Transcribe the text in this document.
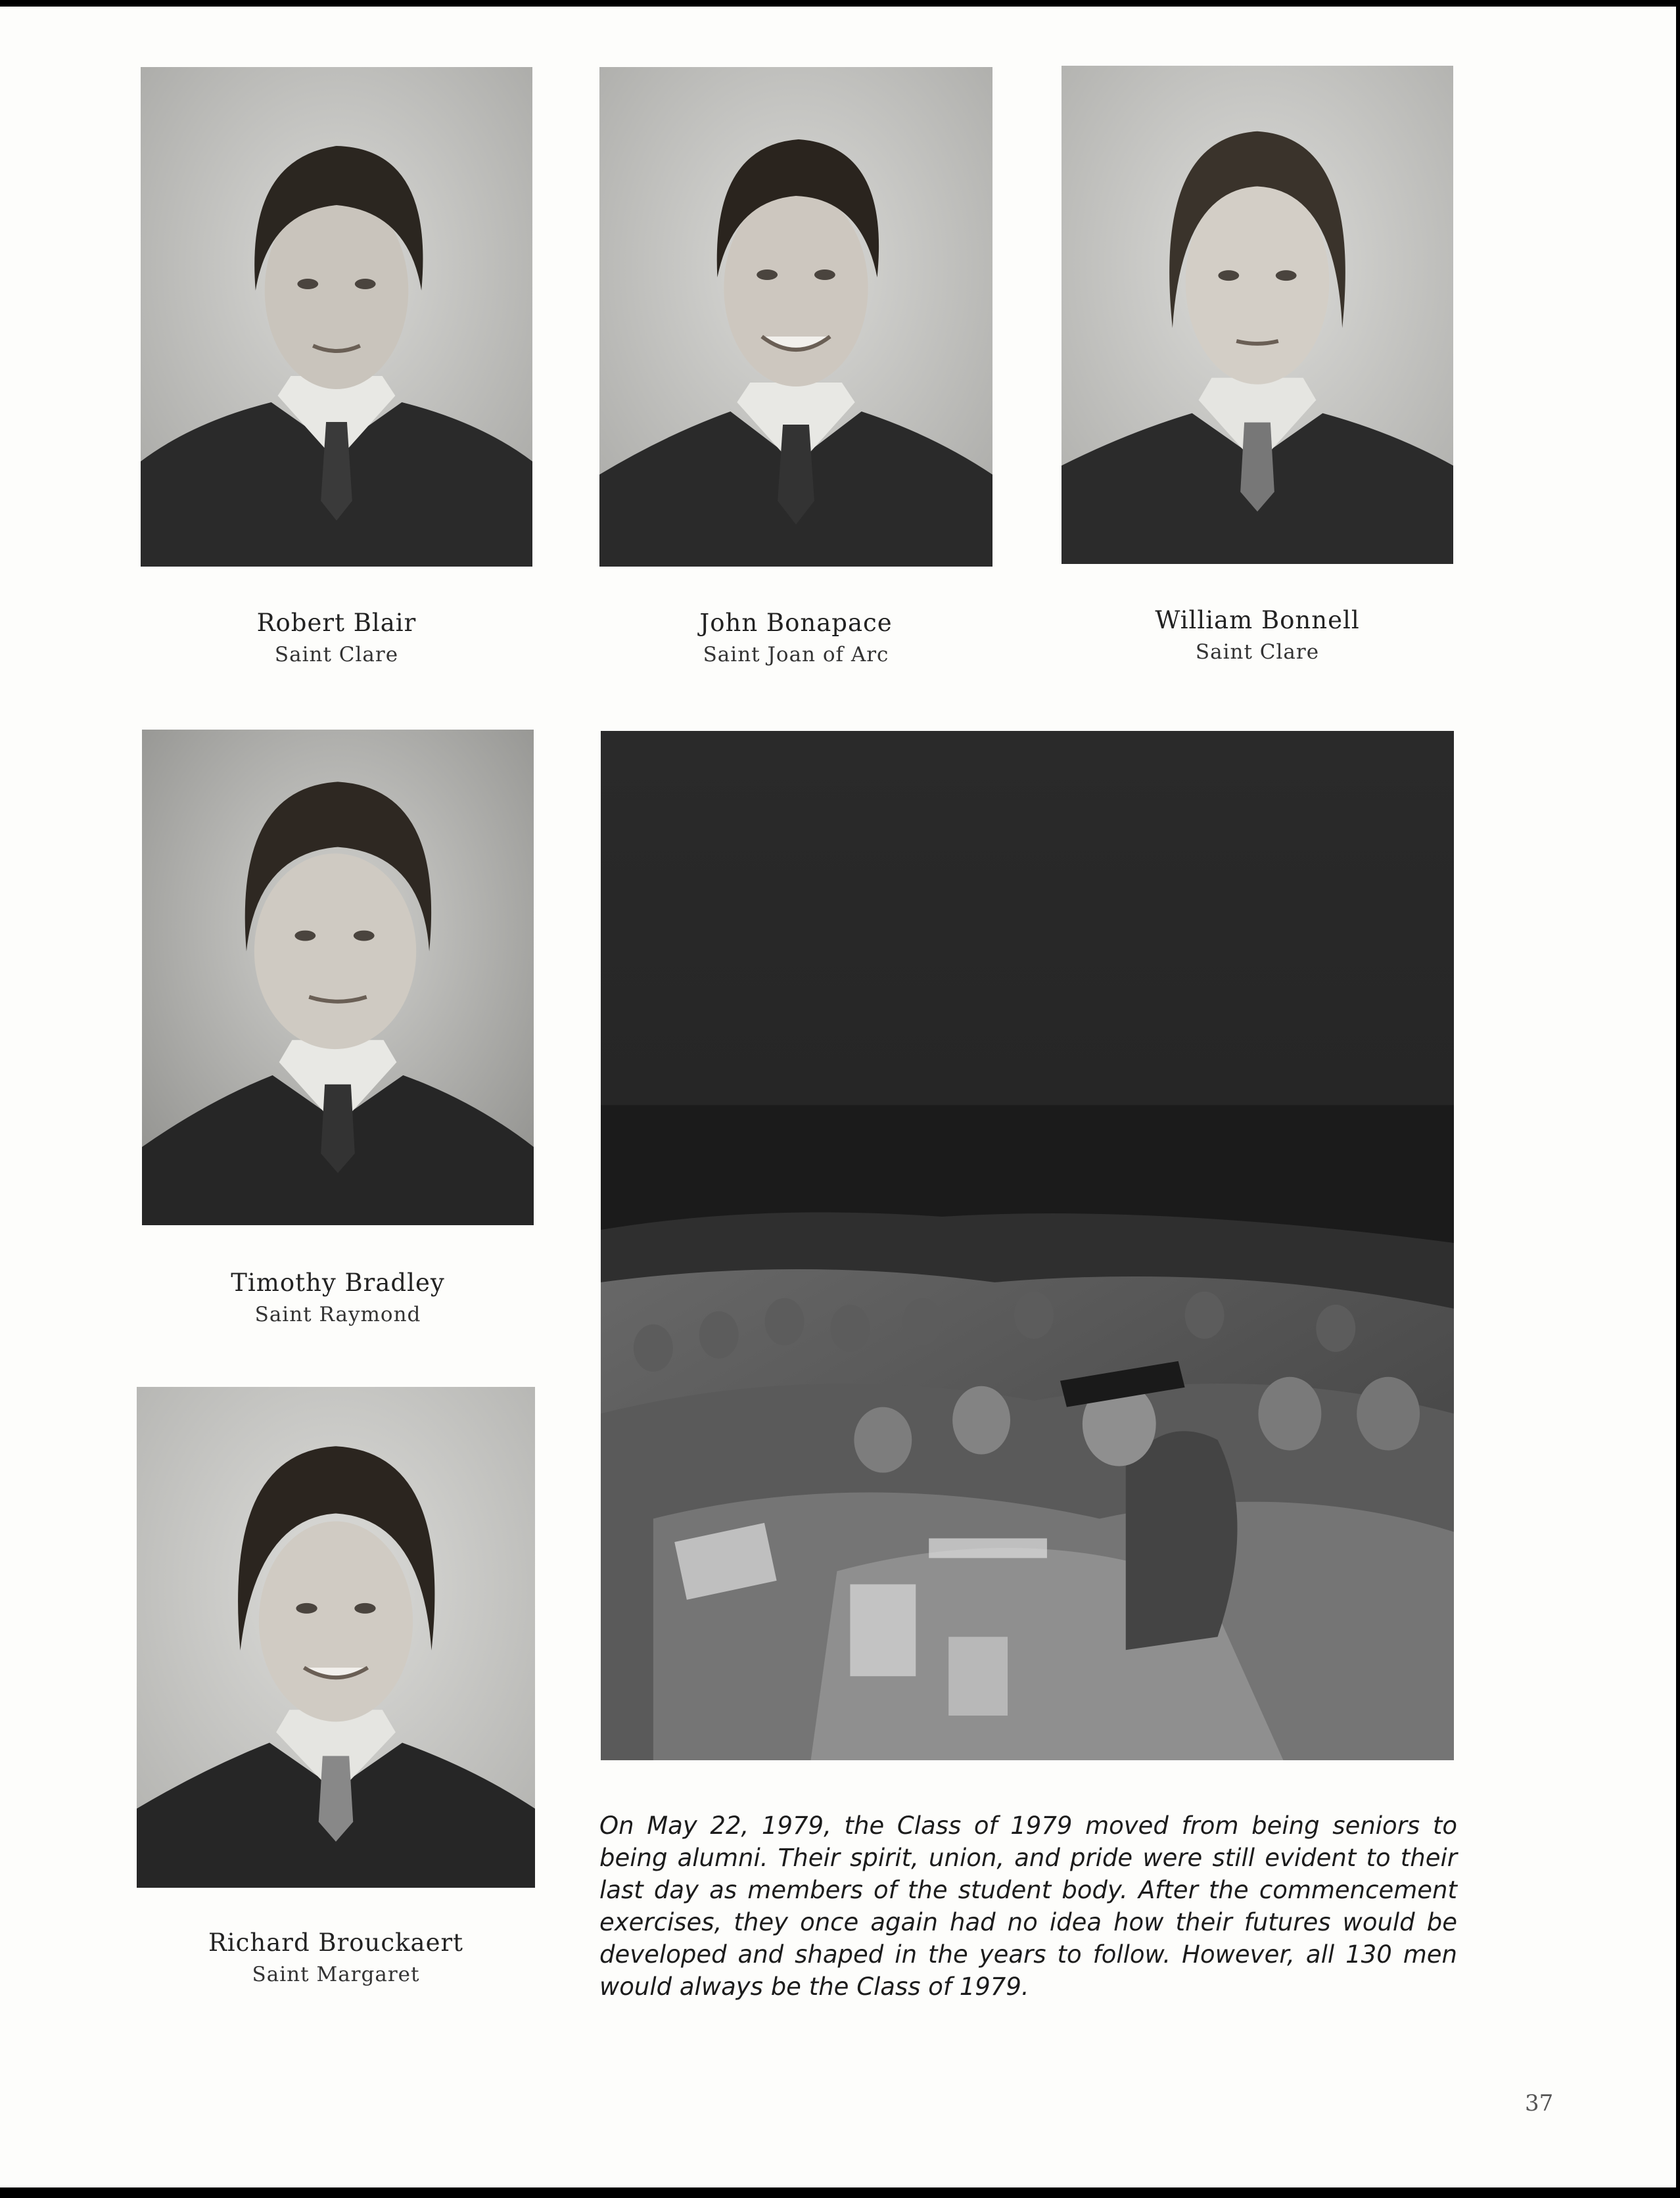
Robert Blair
Saint Clare
John Bonapace
Saint Joan of Arc
William Bonnell
Saint Clare
Timothy Bradley
Saint Raymond
Richard Brouckaert
Saint Margaret

On May 22, 1979, the Class of 1979 moved from being seniors to being alumni. Their spirit, union, and pride were still evident to their last day as members of the student body. After the commencement exercises, they once again had no idea how their futures would be developed and shaped in the years to follow. However, all 130 men would always be the Class of 1979.

37
